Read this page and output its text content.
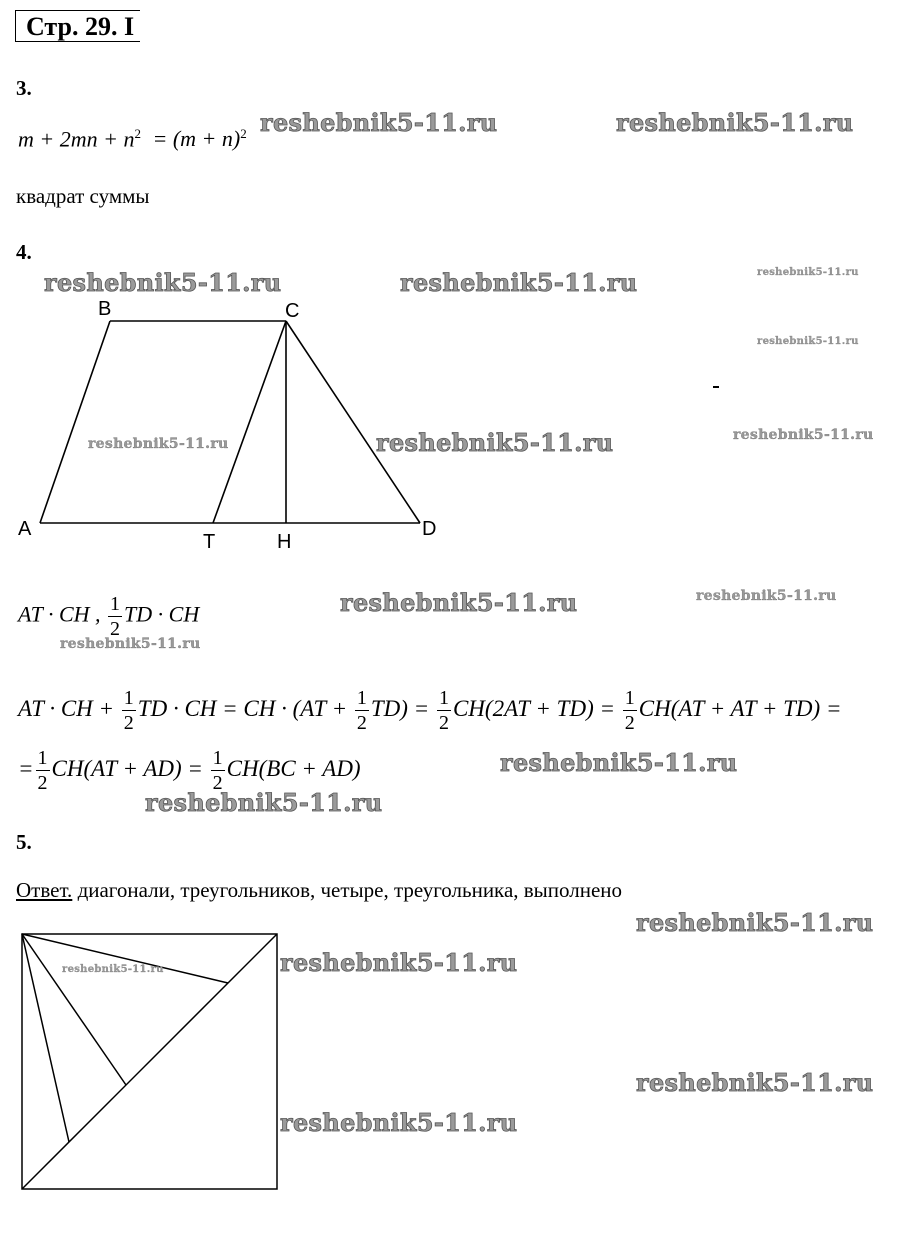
Стр. 29. I
3.
$m + 2mn + n^2 = (m + n)^2$
квадрат суммы
4.
A
B	C
D
T	H
AT · CH , $\frac{1}{2}$ TD · CH
AT · CH + $\frac{1}{2}$ TD · CH = CH · $(AT + \frac{1}{2} TD) = \frac{1}{2} CH(2AT + TD) = \frac{1}{2} CH(AT$ + AT + TD) =
= $\frac{1}{2} CH(AT + AD) = \frac{1}{2} CH(BC + AD)$
5.
Ответ. диагонали, треугольников, четыре, треугольника, выполнено
reshebnik5-11.ru	reshebnik5-11.ru
reshebnik5-11.ru	reshebnik5-11.ru	reshebnik5-11.ru
reshebnik5-11.ru
reshebnik5-11.ru	reshebnik5-11.ru	reshebnik5-11.ru
reshebnik5-11.ru	reshebnik5-11.ru
reshebnik5-11.ru
reshebnik5-11.ru
reshebnik5-11.ru
reshebnik5-11.ru
reshebnik5-11.ru
reshebnik5-11.ru
reshebnik5-11.ru
reshebnik5-11.ru
